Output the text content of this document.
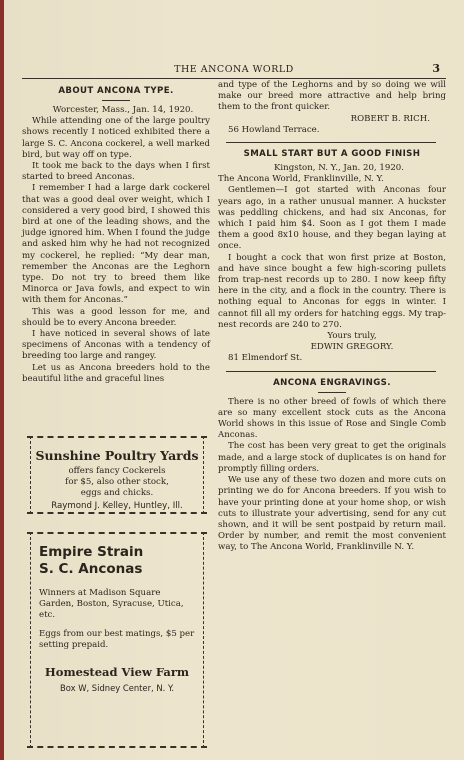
THE ANCONA WORLD	3
ABOUT ANCONA TYPE.

Worcester, Mass., Jan. 14, 1920.

While attending one of the large poultry shows recently I noticed exhibited there a large S. C. Ancona cockerel, a well marked bird, but way off on type.

It took me back to the days when I first started to breed Anconas.

I remember I had a large dark cockerel that was a good deal over weight, which I considered a very good bird, I showed this bird at one of the leading shows, and the judge ignored him. When I found the judge and asked him why he had not recognized my cockerel, he replied: “My dear man, remember the Anconas are the Leghorn type. Do not try to breed them like Minorca or Java fowls, and expect to win with them for Anconas.”

This was a good lesson for me, and should be to every Ancona breeder.

I have noticed in several shows of late specimens of Anconas with a tendency of breeding too large and rangey.

Let us as Ancona breeders hold to the beautiful lithe and graceful lines

Sunshine Poultry Yards
offers fancy Cockerels
for $5, also other stock,
eggs and chicks.
Raymond J. Kelley, Huntley, Ill.
Empire Strain
S. C. Anconas
Winners at Madison Square Garden, Boston, Syracuse, Utica, etc.
Eggs from our best matings, $5 per setting prepaid.
Homestead View Farm
Box W, Sidney Center, N. Y.

and type of the Leghorns and by so doing we will make our breed more attractive and help bring them to the front quicker.

ROBERT B. RICH.

56 Howland Terrace.

SMALL START BUT A GOOD FINISH

Kingston, N. Y., Jan. 20, 1920.

The Ancona World, Franklinville, N. Y.

Gentlemen—I got started with Anconas four years ago, in a rather unusual manner. A huckster was peddling chickens, and had six Anconas, for which I paid him $4. Soon as I got them I made them a good 8x10 house, and they began laying at once.

I bought a cock that won first prize at Boston, and have since bought a few high-scoring pullets from trap-nest records up to 280. I now keep fifty here in the city, and a flock in the country. There is nothing equal to Anconas for eggs in winter. I cannot fill all my orders for hatching eggs. My trap-nest records are 240 to 270.

Yours truly,

EDWIN GREGORY.

81 Elmendorf St.

ANCONA ENGRAVINGS.

There is no other breed of fowls of which there are so many excellent stock cuts as the Ancona World shows in this issue of Rose and Single Comb Anconas.

The cost has been very great to get the originals made, and a large stock of duplicates is on hand for promptly filling orders.

We use any of these two dozen and more cuts on printing we do for Ancona breeders. If you wish to have your printing done at your home shop, or wish cuts to illustrate your advertising, send for any cut shown, and it will be sent postpaid by return mail. Order by number, and remit the most convenient way, to The Ancona World, Franklinville N. Y.
